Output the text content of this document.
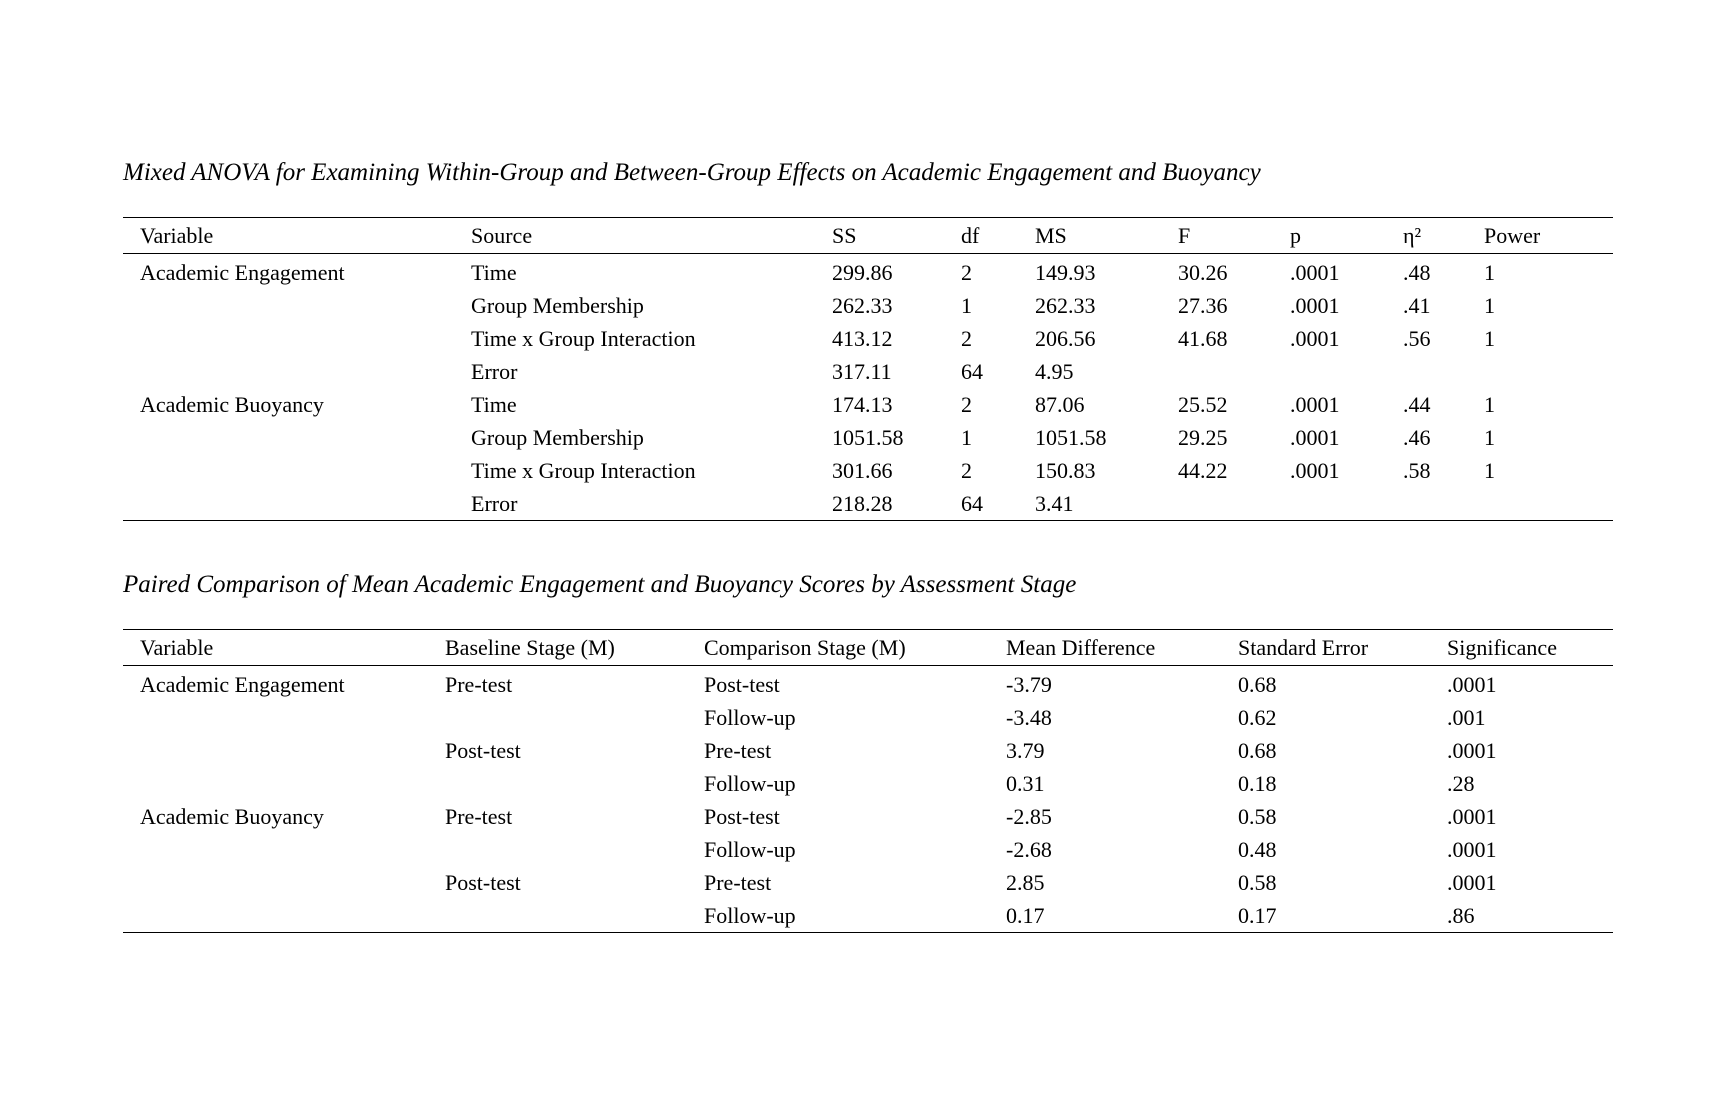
Mixed ANOVA for Examining Within-Group and Between-Group Effects on Academic Engagement and Buoyancy
Variable	Source	SS	df	MS	F	p	η²	Power
Academic Engagement	Time	299.86	2	149.93	30.26	.0001	.48	1
	Group Membership	262.33	1	262.33	27.36	.0001	.41	1
	Time x Group Interaction	413.12	2	206.56	41.68	.0001	.56	1
	Error	317.11	64	4.95				
Academic Buoyancy	Time	174.13	2	87.06	25.52	.0001	.44	1
	Group Membership	1051.58	1	1051.58	29.25	.0001	.46	1
	Time x Group Interaction	301.66	2	150.83	44.22	.0001	.58	1
	Error	218.28	64	3.41				
Paired Comparison of Mean Academic Engagement and Buoyancy Scores by Assessment Stage
Variable	Baseline Stage (M)	Comparison Stage (M)	Mean Difference	Standard Error	Significance
Academic Engagement	Pre-test	Post-test	-3.79	0.68	.0001
		Follow-up	-3.48	0.62	.001
	Post-test	Pre-test	3.79	0.68	.0001
		Follow-up	0.31	0.18	.28
Academic Buoyancy	Pre-test	Post-test	-2.85	0.58	.0001
		Follow-up	-2.68	0.48	.0001
	Post-test	Pre-test	2.85	0.58	.0001
		Follow-up	0.17	0.17	.86
